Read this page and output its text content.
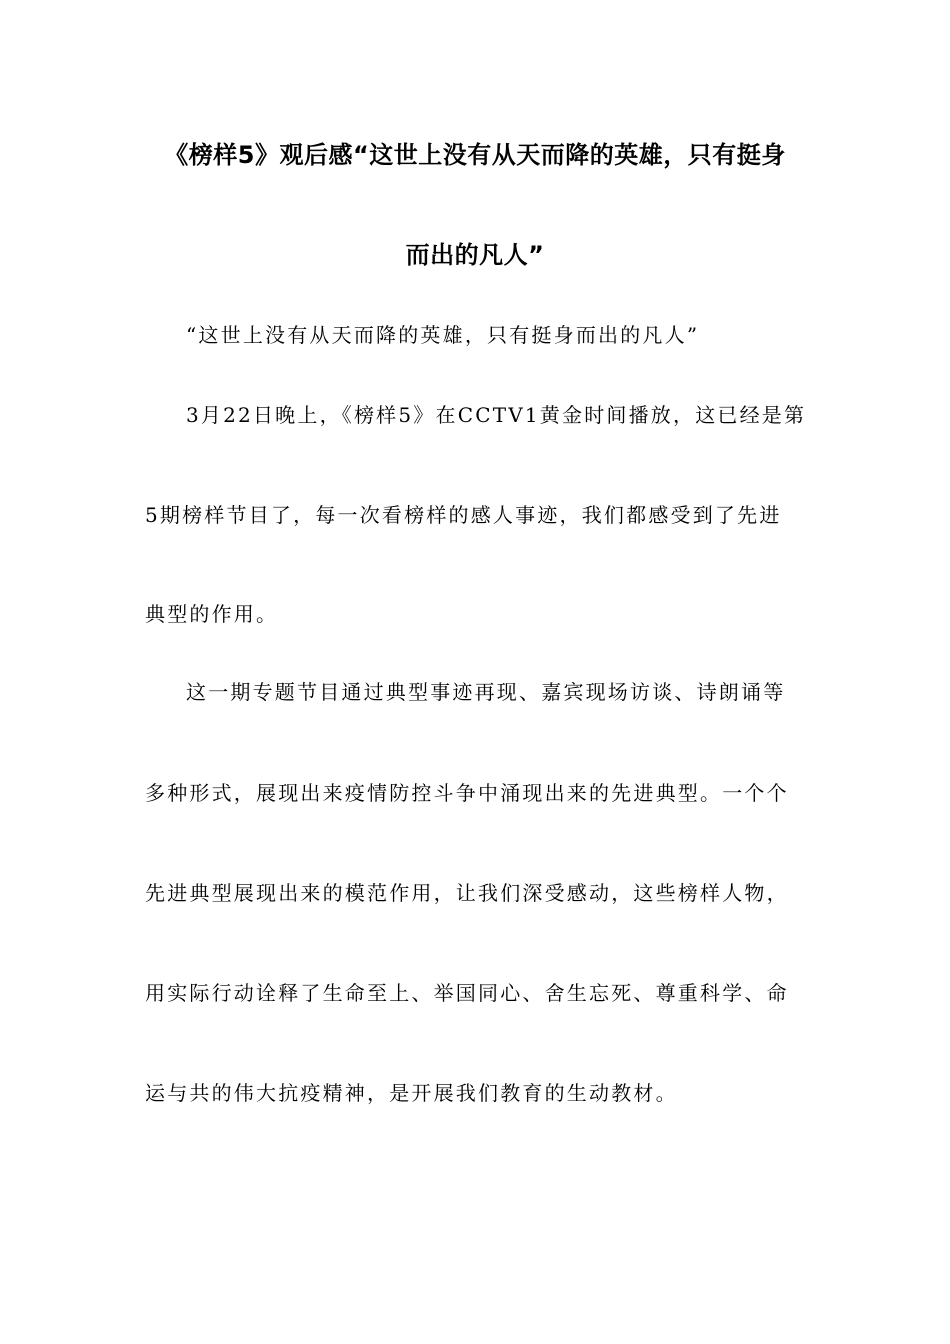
《榜样5》观后感“这世上没有从天而降的英雄，只有挺身
而出的凡人”
“这世上没有从天而降的英雄，只有挺身而出的凡人”
3月22日晚上，《榜样5》在CCTV1黄金时间播放，这已经是第
5期榜样节目了，每一次看榜样的感人事迹，我们都感受到了先进
典型的作用。
这一期专题节目通过典型事迹再现、嘉宾现场访谈、诗朗诵等
多种形式，展现出来疫情防控斗争中涌现出来的先进典型。一个个
先进典型展现出来的模范作用，让我们深受感动，这些榜样人物，
用实际行动诠释了生命至上、举国同心、舍生忘死、尊重科学、命
运与共的伟大抗疫精神，是开展我们教育的生动教材。
